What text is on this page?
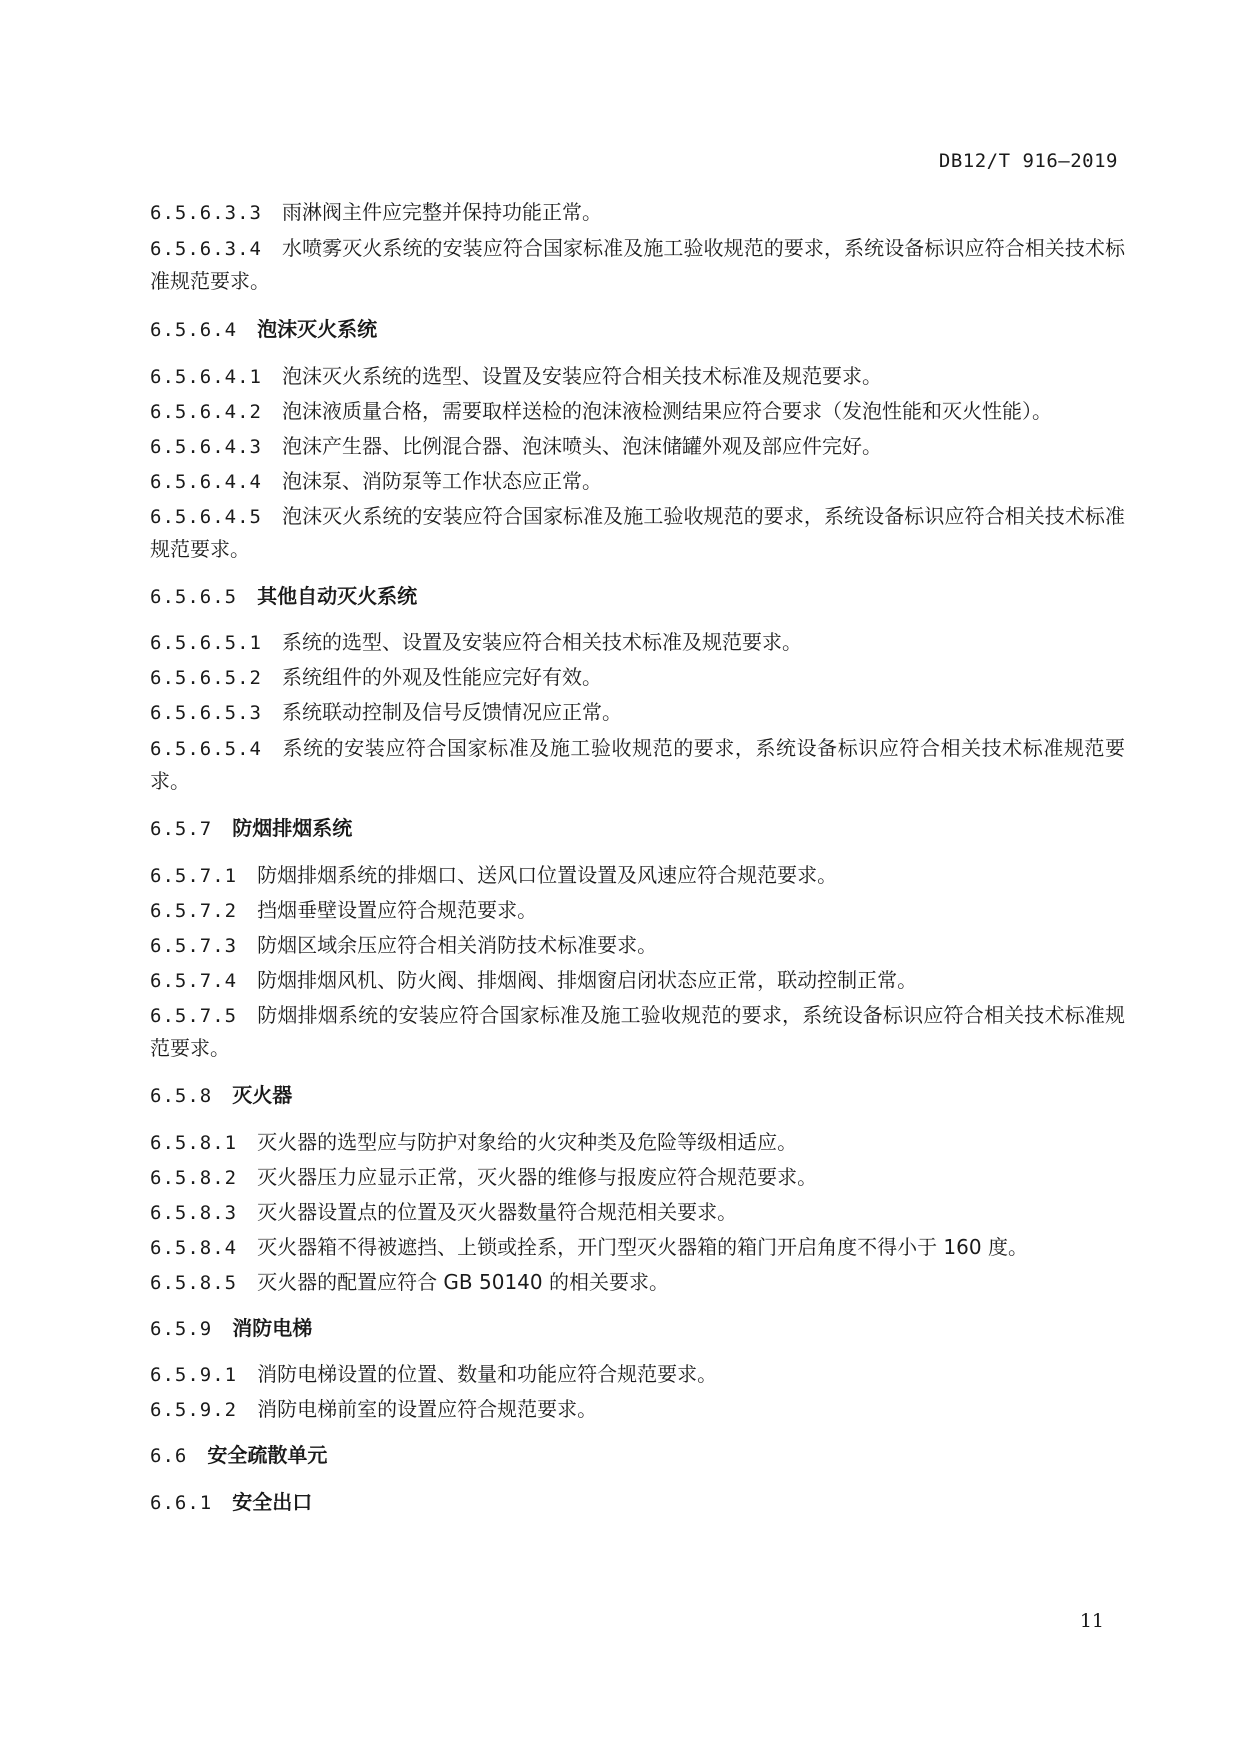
DB12/T 916—2019
6.5.6.3.3 雨淋阀主件应完整并保持功能正常。
6.5.6.3.4 水喷雾灭火系统的安装应符合国家标准及施工验收规范的要求，系统设备标识应符合相关技术标准规范要求。
6.5.6.4 泡沫灭火系统
6.5.6.4.1 泡沫灭火系统的选型、设置及安装应符合相关技术标准及规范要求。
6.5.6.4.2 泡沫液质量合格，需要取样送检的泡沫液检测结果应符合要求（发泡性能和灭火性能）。
6.5.6.4.3 泡沫产生器、比例混合器、泡沫喷头、泡沫储罐外观及部应件完好。
6.5.6.4.4 泡沫泵、消防泵等工作状态应正常。
6.5.6.4.5 泡沫灭火系统的安装应符合国家标准及施工验收规范的要求，系统设备标识应符合相关技术标准规范要求。
6.5.6.5 其他自动灭火系统
6.5.6.5.1 系统的选型、设置及安装应符合相关技术标准及规范要求。
6.5.6.5.2 系统组件的外观及性能应完好有效。
6.5.6.5.3 系统联动控制及信号反馈情况应正常。
6.5.6.5.4 系统的安装应符合国家标准及施工验收规范的要求，系统设备标识应符合相关技术标准规范要求。
6.5.7 防烟排烟系统
6.5.7.1 防烟排烟系统的排烟口、送风口位置设置及风速应符合规范要求。
6.5.7.2 挡烟垂壁设置应符合规范要求。
6.5.7.3 防烟区域余压应符合相关消防技术标准要求。
6.5.7.4 防烟排烟风机、防火阀、排烟阀、排烟窗启闭状态应正常，联动控制正常。
6.5.7.5 防烟排烟系统的安装应符合国家标准及施工验收规范的要求，系统设备标识应符合相关技术标准规范要求。
6.5.8 灭火器
6.5.8.1 灭火器的选型应与防护对象给的火灾种类及危险等级相适应。
6.5.8.2 灭火器压力应显示正常，灭火器的维修与报废应符合规范要求。
6.5.8.3 灭火器设置点的位置及灭火器数量符合规范相关要求。
6.5.8.4 灭火器箱不得被遮挡、上锁或拴系，开门型灭火器箱的箱门开启角度不得小于 160 度。
6.5.8.5 灭火器的配置应符合 GB 50140 的相关要求。
6.5.9 消防电梯
6.5.9.1 消防电梯设置的位置、数量和功能应符合规范要求。
6.5.9.2 消防电梯前室的设置应符合规范要求。
6.6 安全疏散单元
6.6.1 安全出口
11
